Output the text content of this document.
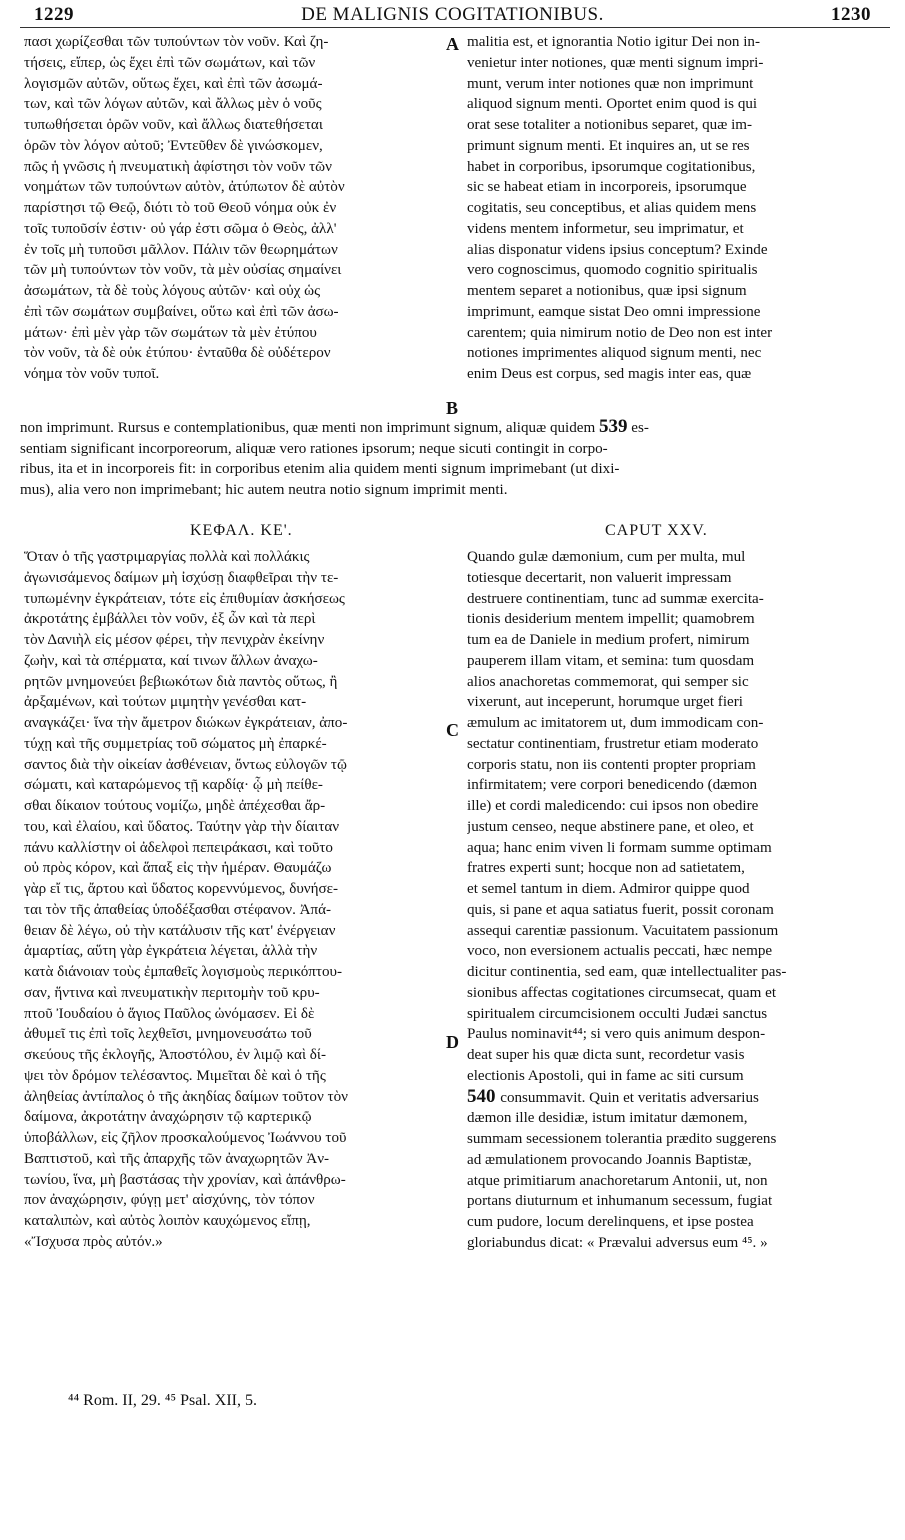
1229	DE MALIGNIS COGITATIONIBUS.	1230
πασι χωρίζεσθαι τῶν τυπούντων τὸν νοῦν. Καὶ ζη-
τήσεις, εἴπερ, ὡς ἔχει ἐπὶ τῶν σωμάτων, καὶ τῶν
λογισμῶν αὐτῶν, οὕτως ἔχει, καὶ ἐπὶ τῶν ἀσωμά-
των, καὶ τῶν λόγων αὐτῶν, καὶ ἄλλως μὲν ὁ νοῦς
τυπωθήσεται ὁρῶν νοῦν, καὶ ἄλλως διατεθήσεται
ὁρῶν τὸν λόγον αὐτοῦ; Ἐντεῦθεν δὲ γινώσκομεν,
πῶς ἡ γνῶσις ἡ πνευματικὴ ἀφίστησι τὸν νοῦν τῶν
νοημάτων τῶν τυπούντων αὐτὸν, ἀτύπωτον δὲ αὐτὸν
παρίστησι τῷ Θεῷ, διότι τὸ τοῦ Θεοῦ νόημα οὐκ ἐν
τοῖς τυποῦσίν ἐστιν· οὐ γάρ ἐστι σῶμα ὁ Θεὸς, ἀλλ'
ἐν τοῖς μὴ τυποῦσι μᾶλλον. Πάλιν τῶν θεωρημάτων
τῶν μὴ τυπούντων τὸν νοῦν, τὰ μὲν οὐσίας σημαίνει
ἀσωμάτων, τὰ δὲ τοὺς λόγους αὐτῶν· καὶ οὐχ ὡς
ἐπὶ τῶν σωμάτων συμβαίνει, οὕτω καὶ ἐπὶ τῶν ἀσω-
μάτων· ἐπὶ μὲν γὰρ τῶν σωμάτων τὰ μὲν ἐτύπου
τὸν νοῦν, τὰ δὲ οὐκ ἐτύπου· ἐνταῦθα δὲ οὐδέτερον
νόημα τὸν νοῦν τυποῖ.
malitia est, et ignorantia Notio igitur Dei non in-
venietur inter notiones, quæ menti signum impri-
munt, verum inter notiones quæ non imprimunt
aliquod signum menti. Oportet enim quod is qui
orat sese totaliter a notionibus separet, quæ im-
primunt signum menti. Et inquires an, ut se res
habet in corporibus, ipsorumque cogitationibus,
sic se habeat etiam in incorporeis, ipsorumque
cogitatis, seu conceptibus, et alias quidem mens
videns mentem informetur, seu imprimatur, et
alias disponatur videns ipsius conceptum? Exinde
vero cognoscimus, quomodo cognitio spiritualis
mentem separet a notionibus, quæ ipsi signum
imprimunt, eamque sistat Deo omni impressione
carentem; quia nimirum notio de Deo non est inter
notiones imprimentes aliquod signum menti, nec
enim Deus est corpus, sed magis inter eas, quæ
A
B

non imprimunt. Rursus e contemplationibus, quæ menti non imprimunt signum, aliquæ quidem 539 es-
sentiam significant incorporeorum, aliquæ vero rationes ipsorum; neque sicuti contingit in corpo-
ribus, ita et in incorporeis fit: in corporibus etenim alia quidem menti signum imprimebant (ut dixi-
mus), alia vero non imprimebant; hic autem neutra notio signum imprimit menti.
ΚΕΦΑΛ. ΚΕ'.	CAPUT XXV.
Ὅταν ὁ τῆς γαστριμαργίας πολλὰ καὶ πολλάκις
ἀγωνισάμενος δαίμων μὴ ἰσχύσῃ διαφθεῖραι τὴν τε-
τυπωμένην ἐγκράτειαν, τότε εἰς ἐπιθυμίαν ἀσκήσεως
ἀκροτάτης ἐμβάλλει τὸν νοῦν, ἐξ ὧν καὶ τὰ περὶ
τὸν Δανιὴλ εἰς μέσον φέρει, τὴν πενιχρὰν ἐκείνην
ζωὴν, καὶ τὰ σπέρματα, καί τινων ἄλλων ἀναχω-
ρητῶν μνημονεύει βεβιωκότων διὰ παντὸς οὕτως, ἢ
ἀρξαμένων, καὶ τούτων μιμητὴν γενέσθαι κατ-
αναγκάζει· ἵνα τὴν ἄμετρον διώκων ἐγκράτειαν, ἀπο-
τύχῃ καὶ τῆς συμμετρίας τοῦ σώματος μὴ ἐπαρκέ-
σαντος διὰ τὴν οἰκείαν ἀσθένειαν, ὄντως εὐλογῶν τῷ
σώματι, καὶ καταρώμενος τῇ καρδίᾳ· ᾧ μὴ πείθε-
σθαι δίκαιον τούτους νομίζω, μηδὲ ἀπέχεσθαι ἄρ-
του, καὶ ἐλαίου, καὶ ὕδατος. Ταύτην γὰρ τὴν δίαιταν
πάνυ καλλίστην οἱ ἀδελφοὶ πεπειράκασι, καὶ τοῦτο
οὐ πρὸς κόρον, καὶ ἅπαξ εἰς τὴν ἡμέραν. Θαυμάζω
γὰρ εἴ τις, ἄρτου καὶ ὕδατος κορεννύμενος, δυνήσε-
ται τὸν τῆς ἀπαθείας ὑποδέξασθαι στέφανον. Ἀπά-
θειαν δὲ λέγω, οὐ τὴν κατάλυσιν τῆς κατ' ἐνέργειαν
ἁμαρτίας, αὕτη γὰρ ἐγκράτεια λέγεται, ἀλλὰ τὴν
κατὰ διάνοιαν τοὺς ἐμπαθεῖς λογισμοὺς περικόπτου-
σαν, ἥντινα καὶ πνευματικὴν περιτομὴν τοῦ κρυ-
πτοῦ Ἰουδαίου ὁ ἅγιος Παῦλος ὠνόμασεν. Εἰ δὲ
ἀθυμεῖ τις ἐπὶ τοῖς λεχθεῖσι, μνημονευσάτω τοῦ
σκεύους τῆς ἐκλογῆς, Ἀποστόλου, ἐν λιμῷ καὶ δί-
ψει τὸν δρόμον τελέσαντος. Μιμεῖται δὲ καὶ ὁ τῆς
ἀληθείας ἀντίπαλος ὁ τῆς ἀκηδίας δαίμων τοῦτον τὸν
δαίμονα, ἀκροτάτην ἀναχώρησιν τῷ καρτερικῷ
ὑποβάλλων, εἰς ζῆλον προσκαλούμενος Ἰωάννου τοῦ
Βαπτιστοῦ, καὶ τῆς ἀπαρχῆς τῶν ἀναχωρητῶν Ἀν-
τωνίου, ἵνα, μὴ βαστάσας τὴν χρονίαν, καὶ ἀπάνθρω-
πον ἀναχώρησιν, φύγῃ μετ' αἰσχύνης, τὸν τόπον
καταλιπὼν, καὶ αὐτὸς λοιπὸν καυχώμενος εἴπῃ,
«Ἴσχυσα πρὸς αὐτόν.»
Quando gulæ dæmonium, cum per multa, mul
totiesque decertarit, non valuerit impressam
destruere continentiam, tunc ad summæ exercita-
tionis desiderium mentem impellit; quamobrem
tum ea de Daniele in medium profert, nimirum
pauperem illam vitam, et semina: tum quosdam
alios anachoretas commemorat, qui semper sic
vixerunt, aut inceperunt, horumque urget fieri
æmulum ac imitatorem ut, dum immodicam con-
sectatur continentiam, frustretur etiam moderato
corporis statu, non iis contenti propter propriam
infirmitatem; vere corpori benedicendo (dæmon
ille) et cordi maledicendo: cui ipsos non obedire
justum censeo, neque abstinere pane, et oleo, et
aqua; hanc enim viven li formam summe optimam
fratres experti sunt; hocque non ad satietatem,
et semel tantum in diem. Admiror quippe quod
quis, si pane et aqua satiatus fuerit, possit coronam
assequi carentiæ passionum. Vacuitatem passionum
voco, non eversionem actualis peccati, hæc nempe
dicitur continentia, sed eam, quæ intellectualiter pas-
sionibus affectas cogitationes circumsecat, quam et
spiritualem circumcisionem occulti Judæi sanctus
Paulus nominavit⁴⁴; si vero quis animum despon-
deat super his quæ dicta sunt, recordetur vasis
electionis Apostoli, qui in fame ac siti cursum
540 consummavit. Quin et veritatis adversarius
dæmon ille desidiæ, istum imitatur dæmonem,
summam secessionem tolerantia prædito suggerens
ad æmulationem provocando Joannis Baptistæ,
atque primitiarum anachoretarum Antonii, ut, non
portans diuturnum et inhumanum secessum, fugiat
cum pudore, locum derelinquens, et ipse postea
gloriabundus dicat: « Prævalui adversus eum ⁴⁵. »
C
D
⁴⁴ Rom. II, 29. ⁴⁵ Psal. XII, 5.
